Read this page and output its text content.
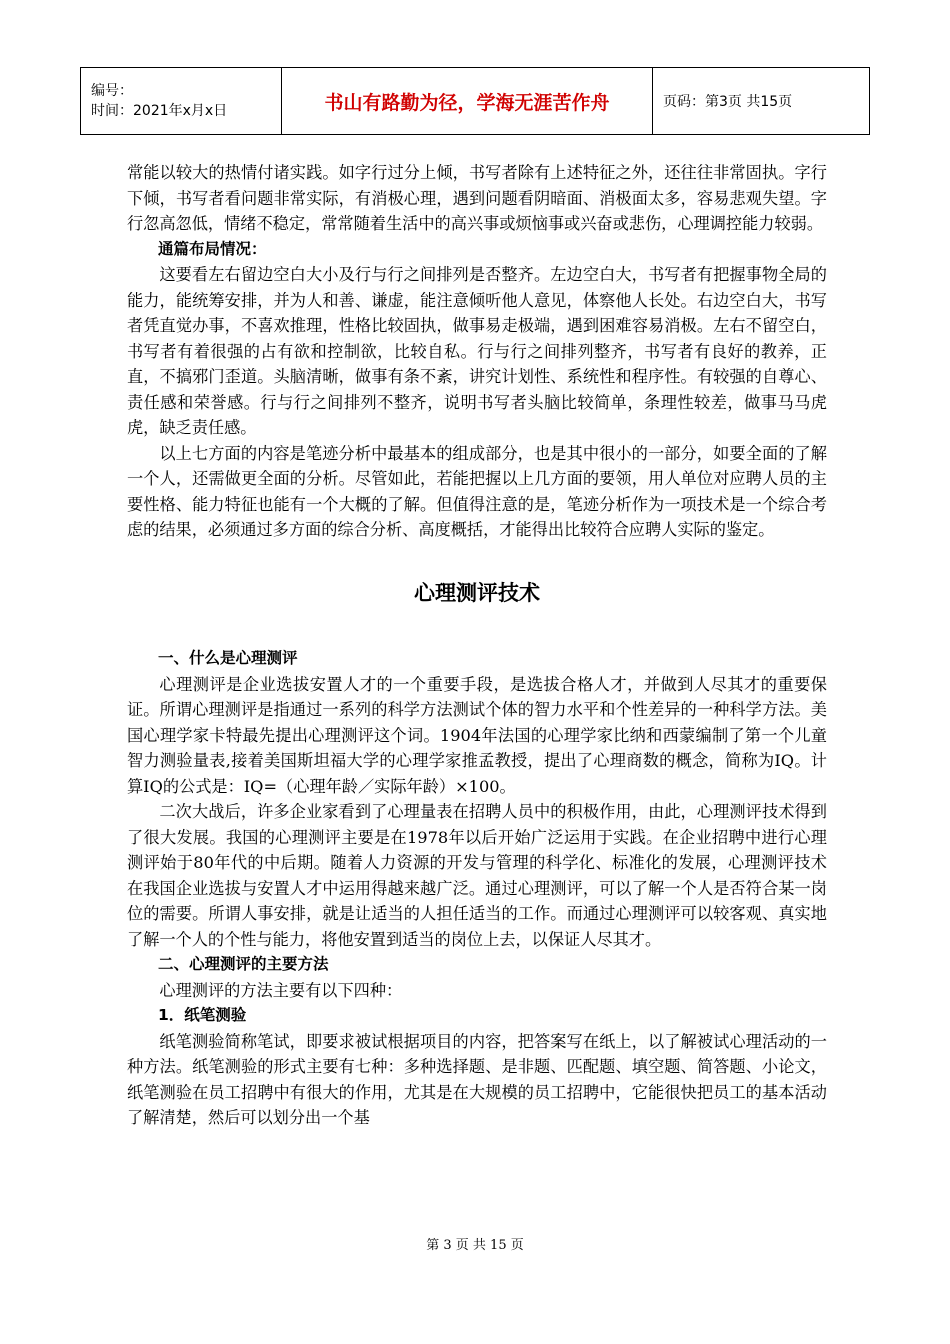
编号：
时间：2021年x月x日	书山有路勤为径，学海无涯苦作舟	页码：第3页 共15页

常能以较大的热情付诸实践。如字行过分上倾，书写者除有上述特征之外，还往往非常固执。字行下倾，书写者看问题非常实际，有消极心理，遇到问题看阴暗面、消极面太多，容易悲观失望。字行忽高忽低，情绪不稳定，常常随着生活中的高兴事或烦恼事或兴奋或悲伤，心理调控能力较弱。

通篇布局情况：

这要看左右留边空白大小及行与行之间排列是否整齐。左边空白大，书写者有把握事物全局的能力，能统筹安排，并为人和善、谦虚，能注意倾听他人意见，体察他人长处。右边空白大，书写者凭直觉办事，不喜欢推理，性格比较固执，做事易走极端，遇到困难容易消极。左右不留空白，书写者有着很强的占有欲和控制欲，比较自私。行与行之间排列整齐，书写者有良好的教养，正直，不搞邪门歪道。头脑清晰，做事有条不紊，讲究计划性、系统性和程序性。有较强的自尊心、责任感和荣誉感。行与行之间排列不整齐，说明书写者头脑比较简单，条理性较差，做事马马虎虎，缺乏责任感。

以上七方面的内容是笔迹分析中最基本的组成部分，也是其中很小的一部分，如要全面的了解一个人，还需做更全面的分析。尽管如此，若能把握以上几方面的要领，用人单位对应聘人员的主要性格、能力特征也能有一个大概的了解。但值得注意的是，笔迹分析作为一项技术是一个综合考虑的结果，必须通过多方面的综合分析、高度概括，才能得出比较符合应聘人实际的鉴定。

心理测评技术

一、什么是心理测评

心理测评是企业选拔安置人才的一个重要手段，是选拔合格人才，并做到人尽其才的重要保证。所谓心理测评是指通过一系列的科学方法测试个体的智力水平和个性差异的一种科学方法。美国心理学家卡特最先提出心理测评这个词。1904年法国的心理学家比纳和西蒙编制了第一个儿童智力测验量表,接着美国斯坦福大学的心理学家推孟教授，提出了心理商数的概念，简称为IQ。计算IQ的公式是：IQ=（心理年龄／实际年龄）×100。

二次大战后，许多企业家看到了心理量表在招聘人员中的积极作用，由此，心理测评技术得到了很大发展。我国的心理测评主要是在1978年以后开始广泛运用于实践。在企业招聘中进行心理测评始于80年代的中后期。随着人力资源的开发与管理的科学化、标准化的发展，心理测评技术在我国企业选拔与安置人才中运用得越来越广泛。通过心理测评，可以了解一个人是否符合某一岗位的需要。所谓人事安排，就是让适当的人担任适当的工作。而通过心理测评可以较客观、真实地了解一个人的个性与能力，将他安置到适当的岗位上去，以保证人尽其才。

二、心理测评的主要方法

心理测评的方法主要有以下四种：

1．纸笔测验

纸笔测验简称笔试，即要求被试根据项目的内容，把答案写在纸上，以了解被试心理活动的一种方法。纸笔测验的形式主要有七种：多种选择题、是非题、匹配题、填空题、简答题、小论文，纸笔测验在员工招聘中有很大的作用，尤其是在大规模的员工招聘中，它能很快把员工的基本活动了解清楚，然后可以划分出一个基

第 3 页 共 15 页
